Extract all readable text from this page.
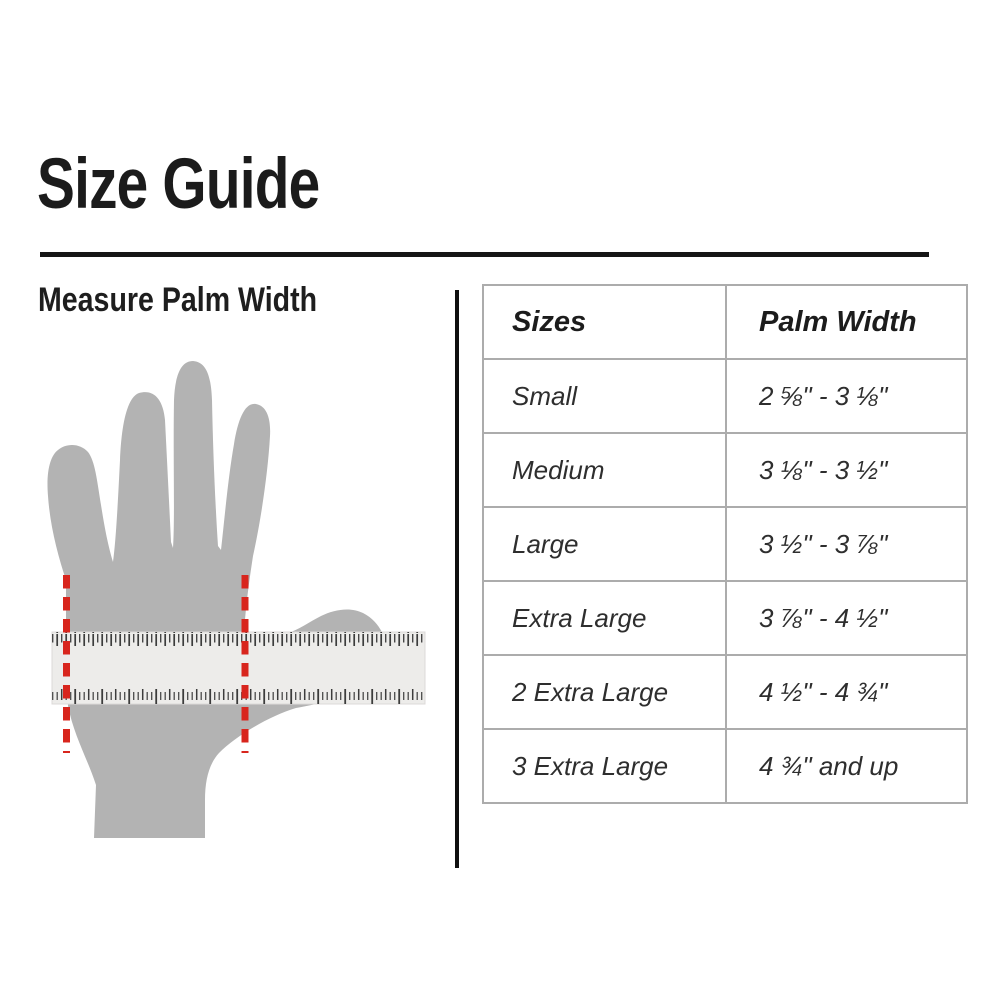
Size Guide
Measure Palm Width
Sizes	Palm Width
Small	2 ⅝" - 3 ⅛"
Medium	3 ⅛" - 3 ½"
Large	3 ½" - 3 ⅞"
Extra Large	3 ⅞" - 4 ½"
2 Extra Large	4 ½" - 4 ¾"
3 Extra Large	4 ¾" and up
